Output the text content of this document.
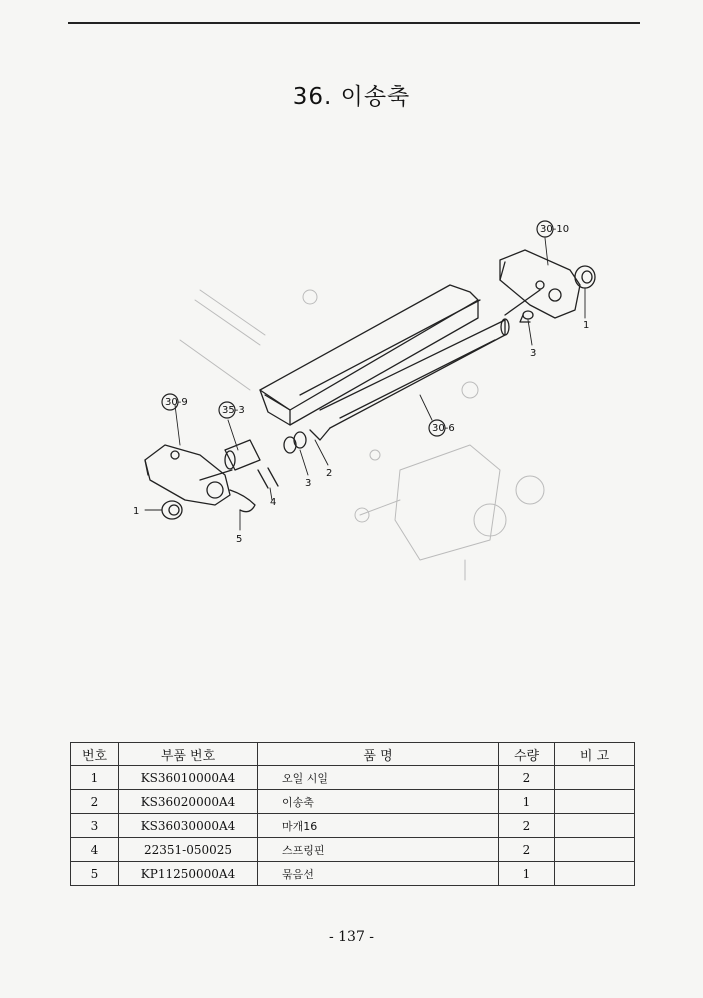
36. 이송축
30-10
1
3
30-9
35-3
30-6
2
3
4
5
1
번호	부품 번호	품 명	수량	비 고
1	KS36010000A4	오일 시일	2	
2	KS36020000A4	이송축	1	
3	KS36030000A4	마개16	2	
4	22351-050025	스프링핀	2	
5	KP11250000A4	묶음선	1	
- 137 -
